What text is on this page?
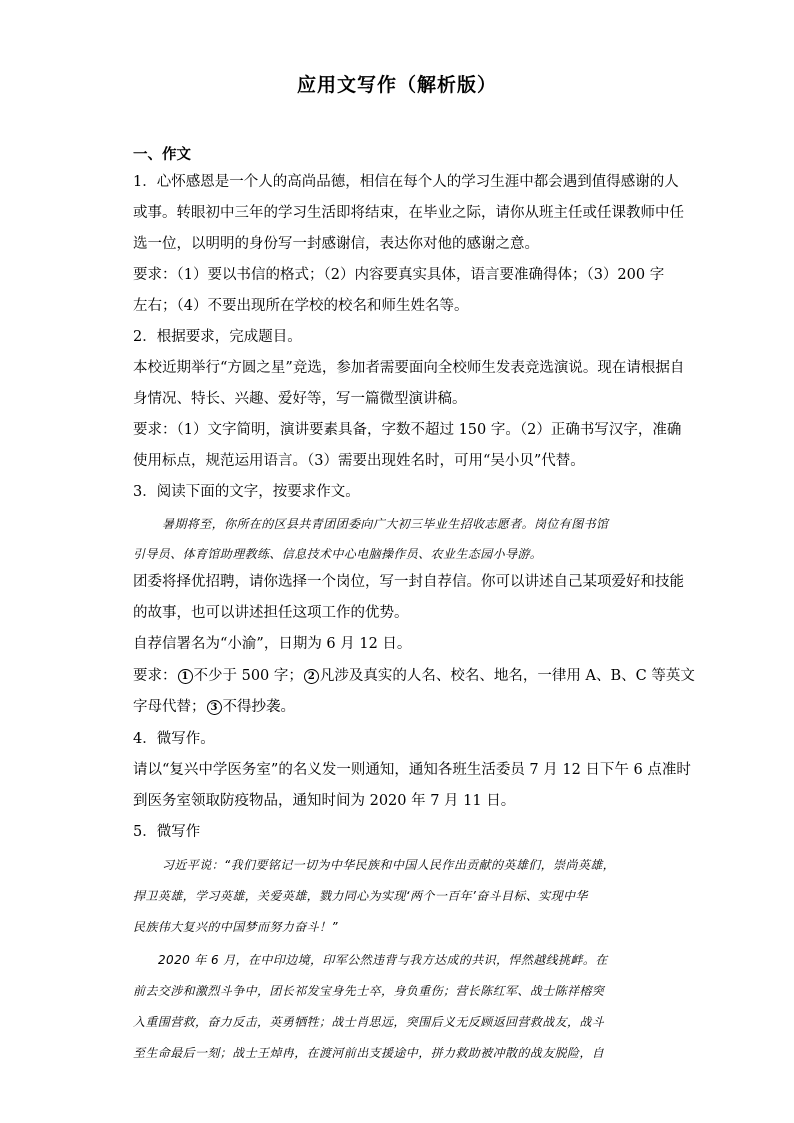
应用文写作（解析版）
一、作文
1．心怀感恩是一个人的高尚品德，相信在每个人的学习生涯中都会遇到值得感谢的人
或事。转眼初中三年的学习生活即将结束，在毕业之际，请你从班主任或任课教师中任
选一位，以明明的身份写一封感谢信，表达你对他的感谢之意。
要求：（1）要以书信的格式；（2）内容要真实具体，语言要准确得体；（3）200 字
左右；（4）不要出现所在学校的校名和师生姓名等。
2．根据要求，完成题目。
本校近期举行“方圆之星”竞选，参加者需要面向全校师生发表竞选演说。现在请根据自
身情况、特长、兴趣、爱好等，写一篇微型演讲稿。
要求：（1）文字简明，演讲要素具备，字数不超过 150 字。（2）正确书写汉字，准确
使用标点，规范运用语言。（3）需要出现姓名时，可用“吴小贝”代替。
3．阅读下面的文字，按要求作文。
暑期将至，你所在的区县共青团团委向广大初三毕业生招收志愿者。岗位有图书馆
引导员、体育馆助理教练、信息技术中心电脑操作员、农业生态园小导游。
团委将择优招聘，请你选择一个岗位，写一封自荐信。你可以讲述自己某项爱好和技能
的故事，也可以讲述担任这项工作的优势。
自荐信署名为“小渝”，日期为 6 月 12 日。
要求： 1 不少于 500 字； 2 凡涉及真实的人名、校名、地名，一律用 A、B、C 等英文
字母代替； 3 不得抄袭。
4．微写作。
请以“复兴中学医务室”的名义发一则通知，通知各班生活委员 7 月 12 日下午 6 点准时
到医务室领取防疫物品，通知时间为 2020 年 7 月 11 日。
5．微写作
习近平说：“我们要铭记一切为中华民族和中国人民作出贡献的英雄们，崇尚英雄，
捍卫英雄，学习英雄，关爱英雄，戮力同心为实现‘两个一百年’奋斗目标、实现中华
民族伟大复兴的中国梦而努力奋斗！”
2020 年 6 月，在中印边境，印军公然违背与我方达成的共识，悍然越线挑衅。在
前去交涉和激烈斗争中，团长祁发宝身先士卒，身负重伤；营长陈红军、战士陈祥榕突
入重围营救，奋力反击，英勇牺牲；战士肖思远，突围后义无反顾返回营救战友，战斗
至生命最后一刻；战士王焯冉，在渡河前出支援途中，拼力救助被冲散的战友脱险，自
